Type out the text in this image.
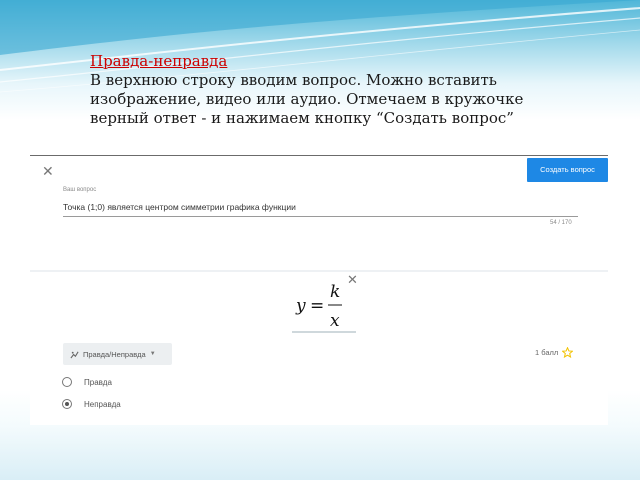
Правда-неправда
В верхнюю строку вводим вопрос. Можно вставить изображение, видео или аудио. Отмечаем в кружочке верный ответ - и нажимаем кнопку “Создать вопрос”
✕	Создать вопрос
Ваш вопрос
Точка (1;0) является центром симметрии графика функции
54 / 170
y =
k
x
✕
Правда/Неправда ▼	1 балл
Правда
Неправда
